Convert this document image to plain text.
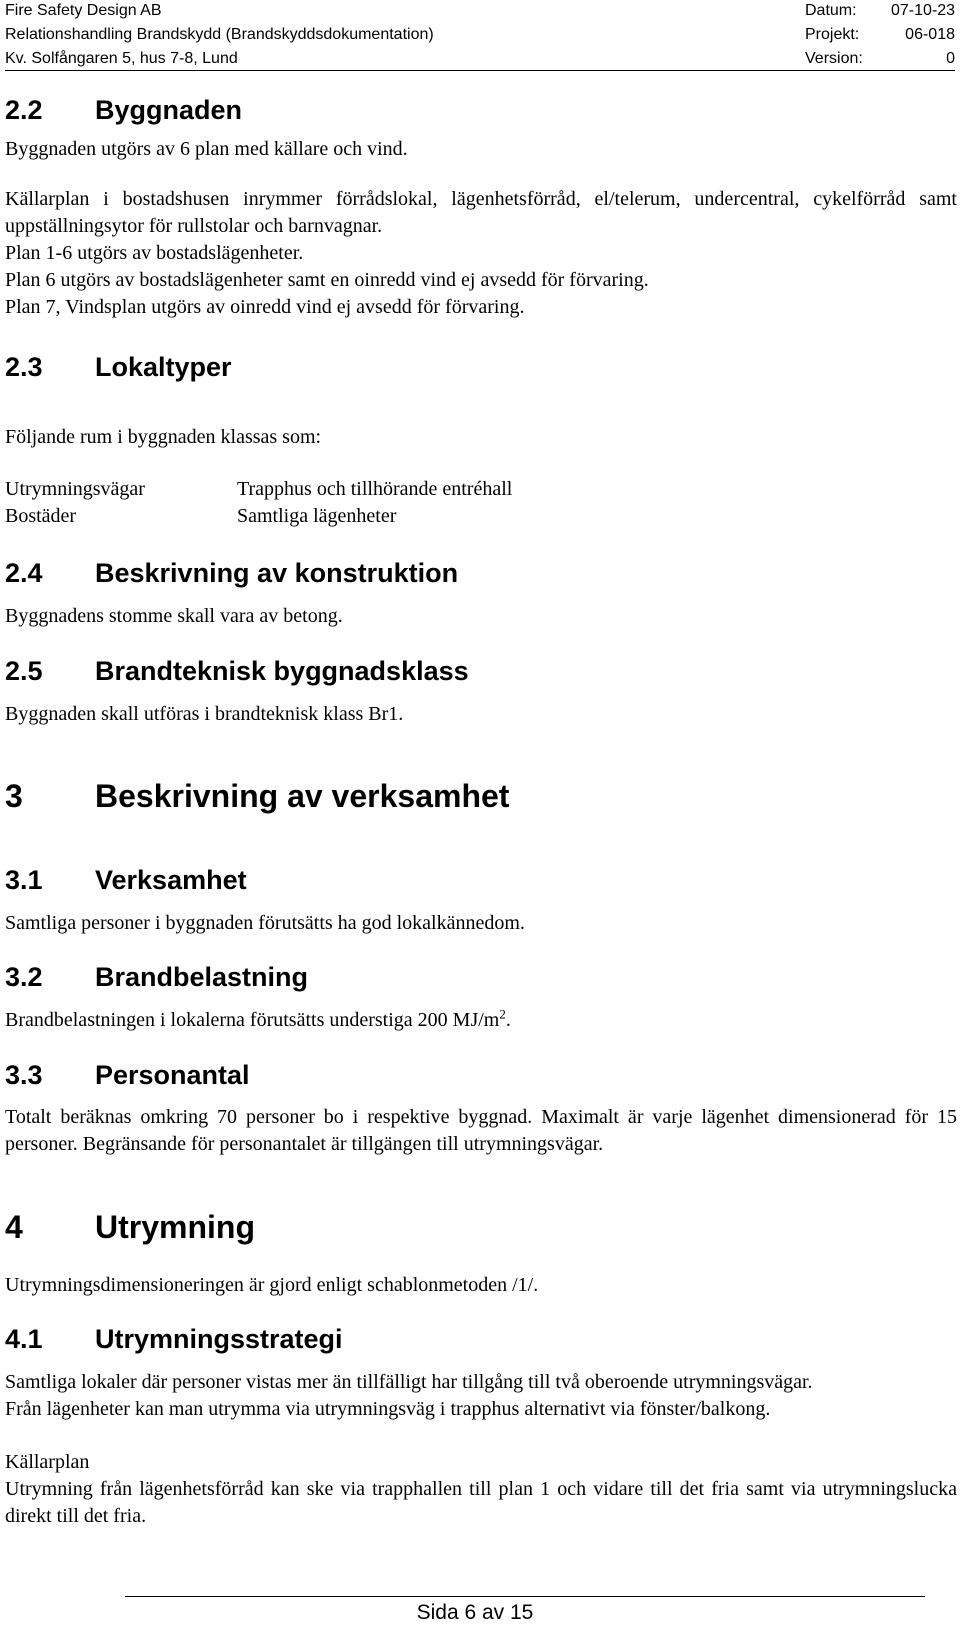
Fire Safety Design AB	Datum: 07-10-23
Relationshandling Brandskydd (Brandskyddsdokumentation)	Projekt:	06-018
Kv. Solfångaren 5, hus 7-8, Lund	Version:	0
2.2 Byggnaden
Byggnaden utgörs av 6 plan med källare och vind.
Källarplan i bostadshusen inrymmer förrådslokal, lägenhetsförråd, el/telerum, undercentral, cykelförråd samt uppställningsytor för rullstolar och barnvagnar.
Plan 1-6 utgörs av bostadslägenheter.
Plan 6 utgörs av bostadslägenheter samt en oinredd vind ej avsedd för förvaring.
Plan 7, Vindsplan utgörs av oinredd vind ej avsedd för förvaring.
2.3 Lokaltyper
Följande rum i byggnaden klassas som:
Utrymningsvägar	Trapphus och tillhörande entréhall
Bostäder	Samtliga lägenheter
2.4 Beskrivning av konstruktion
Byggnadens stomme skall vara av betong.
2.5 Brandteknisk byggnadsklass
Byggnaden skall utföras i brandteknisk klass Br1.
3 Beskrivning av verksamhet
3.1 Verksamhet
Samtliga personer i byggnaden förutsätts ha god lokalkännedom.
3.2 Brandbelastning
Brandbelastningen i lokalerna förutsätts understiga 200 $MJ/m^2$.
3.3 Personantal
Totalt beräknas omkring 70 personer bo i respektive byggnad. Maximalt är varje lägenhet dimensionerad för 15 personer. Begränsande för personantalet är tillgängen till utrymningsvägar.
4 Utrymning
Utrymningsdimensioneringen är gjord enligt schablonmetoden /1/.
4.1 Utrymningsstrategi
Samtliga lokaler där personer vistas mer än tillfälligt har tillgång till två oberoende utrymningsvägar.
Från lägenheter kan man utrymma via utrymningsväg i trapphus alternativt via fönster/balkong.
Källarplan
Utrymning från lägenhetsförråd kan ske via trapphallen till plan 1 och vidare till det fria samt via utrymningslucka direkt till det fria.
Sida 6 av 15
